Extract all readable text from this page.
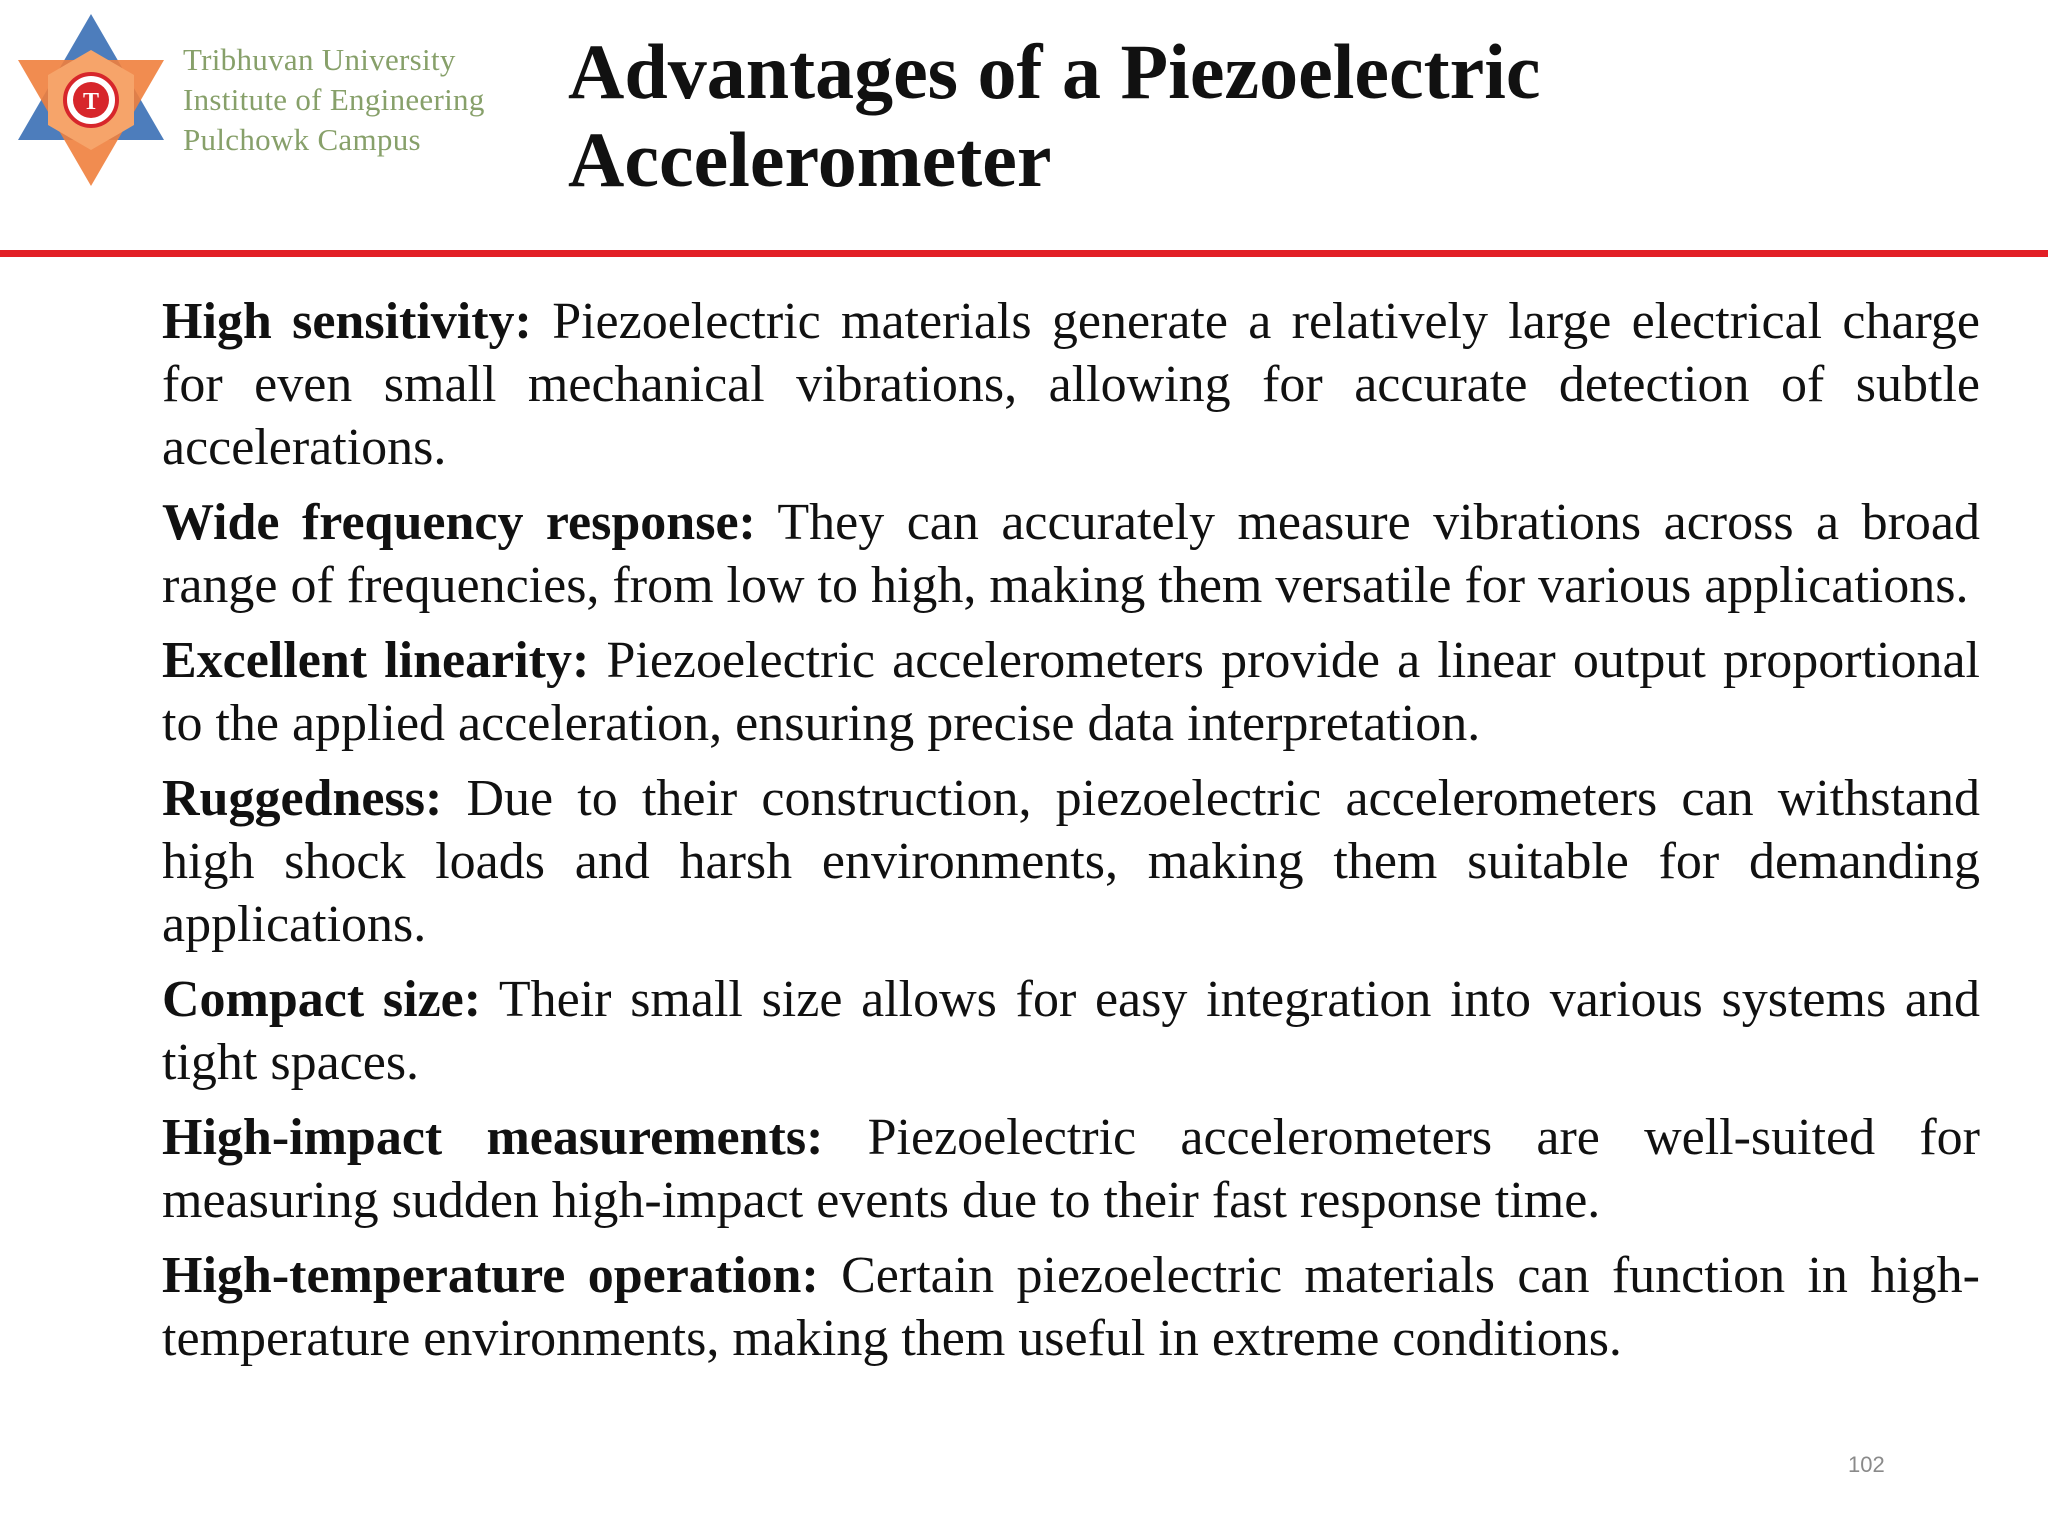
T
Tribhuvan University
Institute of Engineering
Pulchowk Campus
Advantages of a Piezoelectric
Accelerometer

High sensitivity: Piezoelectric materials generate a relatively large electrical charge for even small mechanical vibrations, allowing for accurate detection of subtle accelerations.

Wide frequency response: They can accurately measure vibrations across a broad range of frequencies, from low to high, making them versatile for various applications.

Excellent linearity: Piezoelectric accelerometers provide a linear output proportional to the applied acceleration, ensuring precise data interpretation.

Ruggedness: Due to their construction, piezoelectric accelerometers can withstand high shock loads and harsh environments, making them suitable for demanding applications.

Compact size: Their small size allows for easy integration into various systems and tight spaces.

High-impact measurements: Piezoelectric accelerometers are well-suited for measuring sudden high-impact events due to their fast response time.

High-temperature operation: Certain piezoelectric materials can function in high-temperature environments, making them useful in extreme conditions.

102
